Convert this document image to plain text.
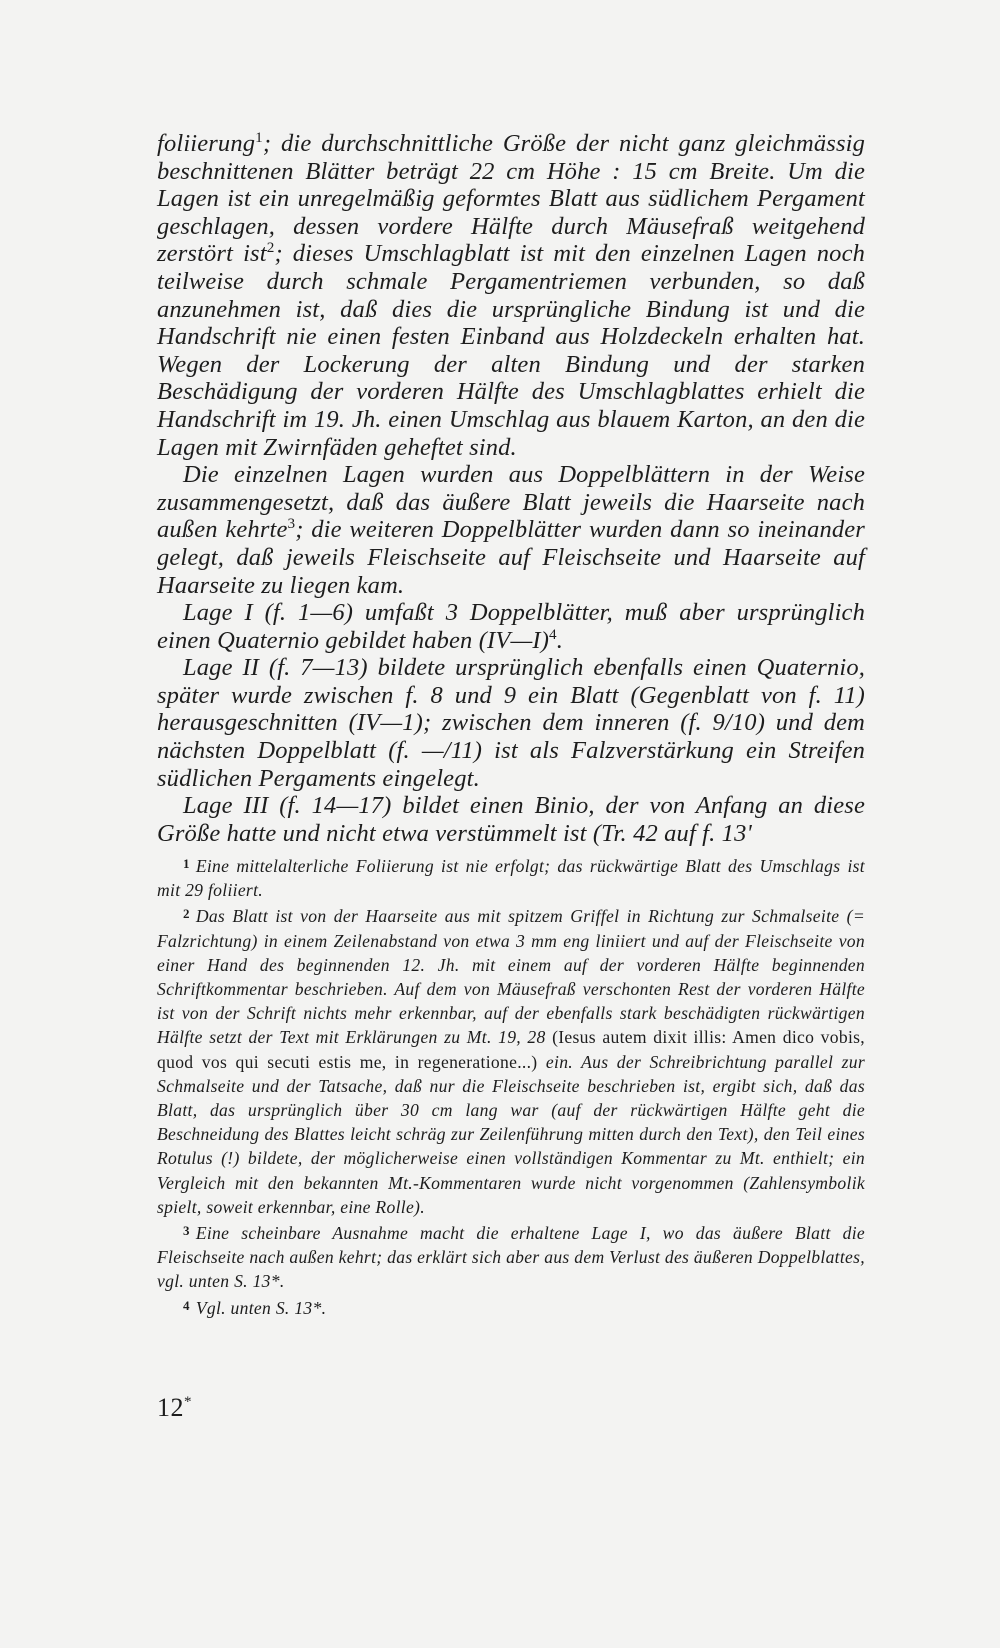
foliierung$^1$; die durchschnittliche Größe der nicht ganz gleichmässig beschnittenen Blätter beträgt 22 cm Höhe : 15 cm Breite. Um die Lagen ist ein unregelmäßig geformtes Blatt aus südlichem Pergament geschlagen, dessen vordere Hälfte durch Mäusefraß weitgehend zerstört ist$^2$; dieses Umschlagblatt ist mit den einzelnen Lagen noch teilweise durch schmale Pergamentriemen verbunden, so daß anzunehmen ist, daß dies die ursprüngliche Bindung ist und die Handschrift nie einen festen Einband aus Holzdeckeln erhalten hat. Wegen der Lockerung der alten Bindung und der starken Beschädigung der vorderen Hälfte des Umschlagblattes erhielt die Handschrift im 19. Jh. einen Umschlag aus blauem Karton, an den die Lagen mit Zwirnfäden geheftet sind.

Die einzelnen Lagen wurden aus Doppelblättern in der Weise zusammengesetzt, daß das äußere Blatt jeweils die Haarseite nach außen kehrte$^3$; die weiteren Doppelblätter wurden dann so ineinander gelegt, daß jeweils Fleischseite auf Fleischseite und Haarseite auf Haarseite zu liegen kam.

Lage I (f. 1—6) umfaßt 3 Doppelblätter, muß aber ursprünglich einen Quaternio gebildet haben (IV—I)$^4$.

Lage II (f. 7—13) bildete ursprünglich ebenfalls einen Quaternio, später wurde zwischen f. 8 und 9 ein Blatt (Gegenblatt von f. 11) herausgeschnitten (IV—1); zwischen dem inneren (f. 9/10) und dem nächsten Doppelblatt (f. —/11) ist als Falzverstärkung ein Streifen südlichen Pergaments eingelegt.

Lage III (f. 14—17) bildet einen Binio, der von Anfang an diese Größe hatte und nicht etwa verstümmelt ist (Tr. 42 auf f. 13'

$^1$ Eine mittelalterliche Foliierung ist nie erfolgt; das rückwärtige Blatt des Umschlags ist mit 29 foliiert.

$^2$ Das Blatt ist von der Haarseite aus mit spitzem Griffel in Richtung zur Schmalseite (= Falzrichtung) in einem Zeilenabstand von etwa 3 mm eng liniiert und auf der Fleischseite von einer Hand des beginnenden 12. Jh. mit einem auf der vorderen Hälfte beginnenden Schriftkommentar beschrieben. Auf dem von Mäusefraß verschonten Rest der vorderen Hälfte ist von der Schrift nichts mehr erkennbar, auf der ebenfalls stark beschädigten rückwärtigen Hälfte setzt der Text mit Erklärungen zu Mt. 19, 28 (Iesus autem dixit illis: Amen dico vobis, quod vos qui secuti estis me, in regeneratione...) ein. Aus der Schreibrichtung parallel zur Schmalseite und der Tatsache, daß nur die Fleischseite beschrieben ist, ergibt sich, daß das Blatt, das ursprünglich über 30 cm lang war (auf der rückwärtigen Hälfte geht die Beschneidung des Blattes leicht schräg zur Zeilenführung mitten durch den Text), den Teil eines Rotulus (!) bildete, der möglicherweise einen vollständigen Kommentar zu Mt. enthielt; ein Vergleich mit den bekannten Mt.-Kommentaren wurde nicht vorgenommen (Zahlensymbolik spielt, soweit erkennbar, eine Rolle).

$^3$ Eine scheinbare Ausnahme macht die erhaltene Lage I, wo das äußere Blatt die Fleischseite nach außen kehrt; das erklärt sich aber aus dem Verlust des äußeren Doppelblattes, vgl. unten S. 13*.

$^4$ Vgl. unten S. 13*.

12*
